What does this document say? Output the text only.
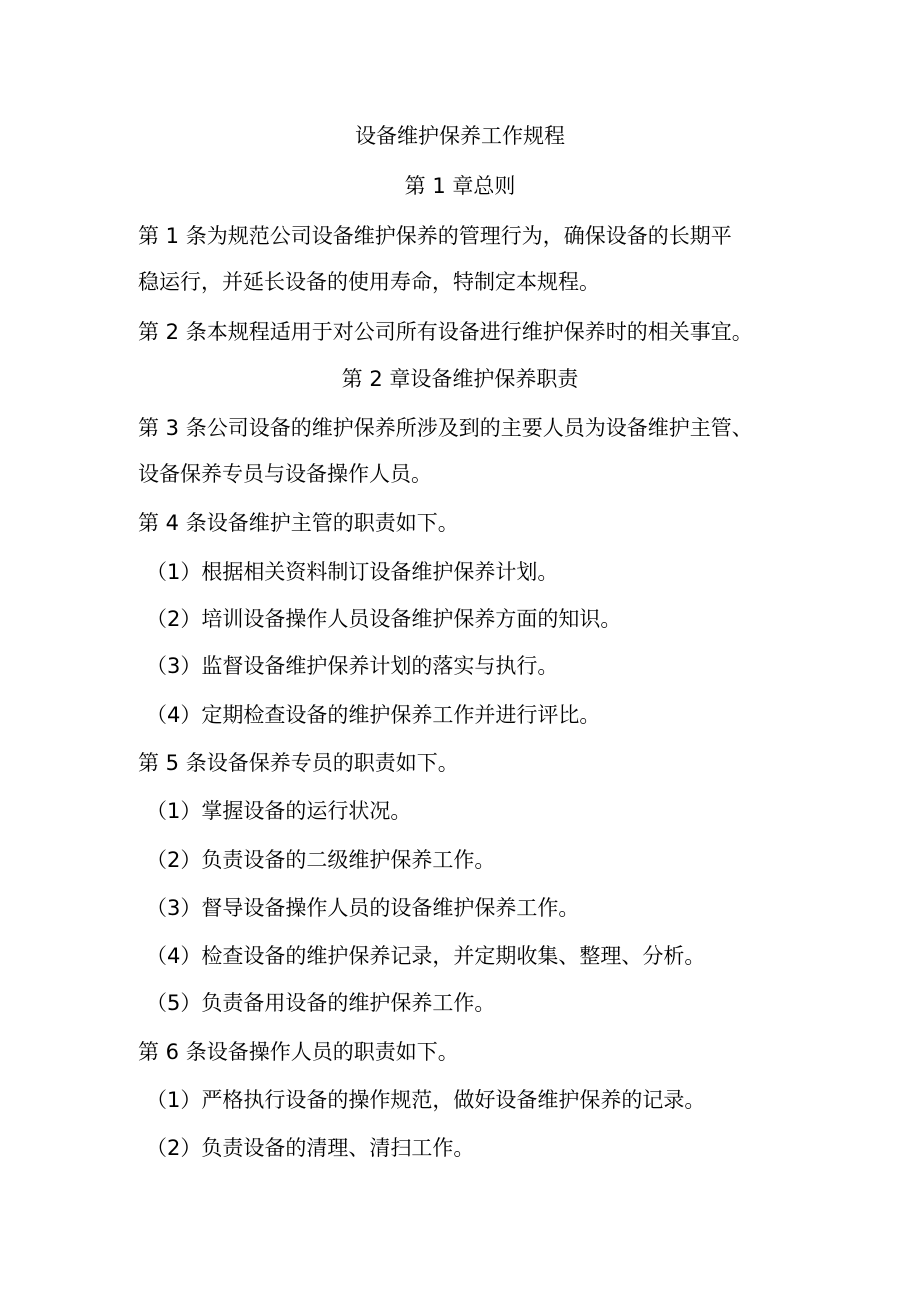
设备维护保养工作规程
第 1 章总则
第 1 条为规范公司设备维护保养的管理行为，确保设备的长期平
稳运行，并延长设备的使用寿命，特制定本规程。
第 2 条本规程适用于对公司所有设备进行维护保养时的相关事宜。
第 2 章设备维护保养职责
第 3 条公司设备的维护保养所涉及到的主要人员为设备维护主管、
设备保养专员与设备操作人员。
第 4 条设备维护主管的职责如下。
（1）根据相关资料制订设备维护保养计划。
（2）培训设备操作人员设备维护保养方面的知识。
（3）监督设备维护保养计划的落实与执行。
（4）定期检查设备的维护保养工作并进行评比。
第 5 条设备保养专员的职责如下。
（1）掌握设备的运行状况。
（2）负责设备的二级维护保养工作。
（3）督导设备操作人员的设备维护保养工作。
（4）检查设备的维护保养记录，并定期收集、整理、分析。
（5）负责备用设备的维护保养工作。
第 6 条设备操作人员的职责如下。
（1）严格执行设备的操作规范，做好设备维护保养的记录。
（2）负责设备的清理、清扫工作。
